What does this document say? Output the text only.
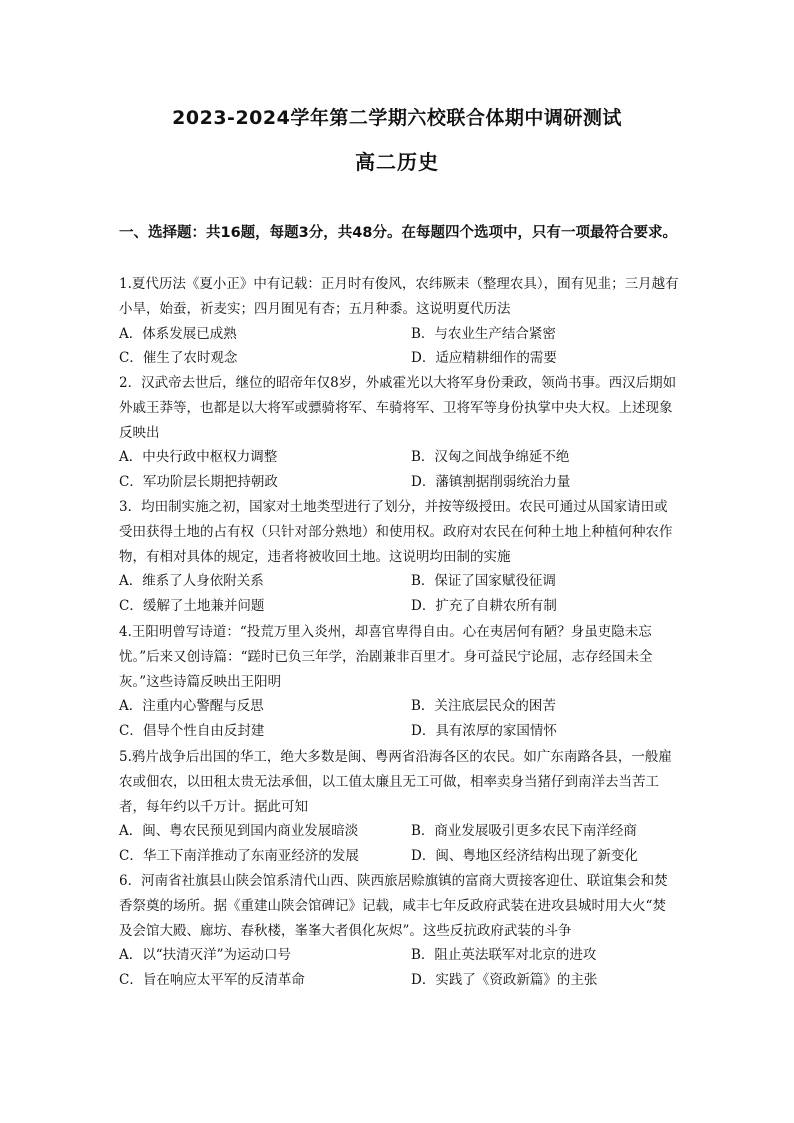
2023-2024学年第二学期六校联合体期中调研测试
高二历史
一、选择题：共16题，每题3分，共48分。在每题四个选项中，只有一项最符合要求。
1.夏代历法《夏小正》中有记载：正月时有俊风，农纬厥耒（整理农具），囿有见韭；三月越有小旱，始蚕，祈麦实；四月囿见有杏；五月种黍。这说明夏代历法
A．体系发展已成熟	B．与农业生产结合紧密
C．催生了农时观念	D．适应精耕细作的需要
2．汉武帝去世后，继位的昭帝年仅8岁，外戚霍光以大将军身份秉政，领尚书事。西汉后期如外戚王莽等，也都是以大将军或骠骑将军、车骑将军、卫将军等身份执掌中央大权。上述现象反映出
A．中央行政中枢权力调整	B．汉匈之间战争绵延不绝
C．军功阶层长期把持朝政	D．藩镇割据削弱统治力量
3．均田制实施之初，国家对土地类型进行了划分，并按等级授田。农民可通过从国家请田或受田获得土地的占有权（只针对部分熟地）和使用权。政府对农民在何种土地上种植何种农作物，有相对具体的规定，违者将被收回土地。这说明均田制的实施
A．维系了人身依附关系	B．保证了国家赋役征调
C．缓解了土地兼并问题	D．扩充了自耕农所有制
4.王阳明曾写诗道：“投荒万里入炎州，却喜官卑得自由。心在夷居何有陋？身虽吏隐未忘忧。”后来又创诗篇：“蹉时已负三年学，治剧兼非百里才。身可益民宁论屈，志存经国未全灰。”这些诗篇反映出王阳明
A．注重内心警醒与反思	B．关注底层民众的困苦
C．倡导个性自由反封建	D．具有浓厚的家国情怀
5.鸦片战争后出国的华工，绝大多数是闽、粤两省沿海各区的农民。如广东南路各县，一般雇农或佃农，以田租太贵无法承佃，以工值太廉且无工可做，相率卖身当猪仔到南洋去当苦工者，每年约以千万计。据此可知
A．闽、粤农民预见到国内商业发展暗淡	B．商业发展吸引更多农民下南洋经商
C．华工下南洋推动了东南亚经济的发展	D．闽、粤地区经济结构出现了新变化
6．河南省社旗县山陕会馆系清代山西、陕西旅居赊旗镇的富商大贾接客迎仕、联谊集会和焚香祭奠的场所。据《重建山陕会馆碑记》记载，咸丰七年反政府武装在进攻县城时用大火“焚及会馆大殿、廊坊、春秋楼，峯峯大者俱化灰烬”。这些反抗政府武装的斗争
A．以“扶清灭洋”为运动口号	B．阻止英法联军对北京的进攻
C．旨在响应太平军的反清革命	D．实践了《资政新篇》的主张
